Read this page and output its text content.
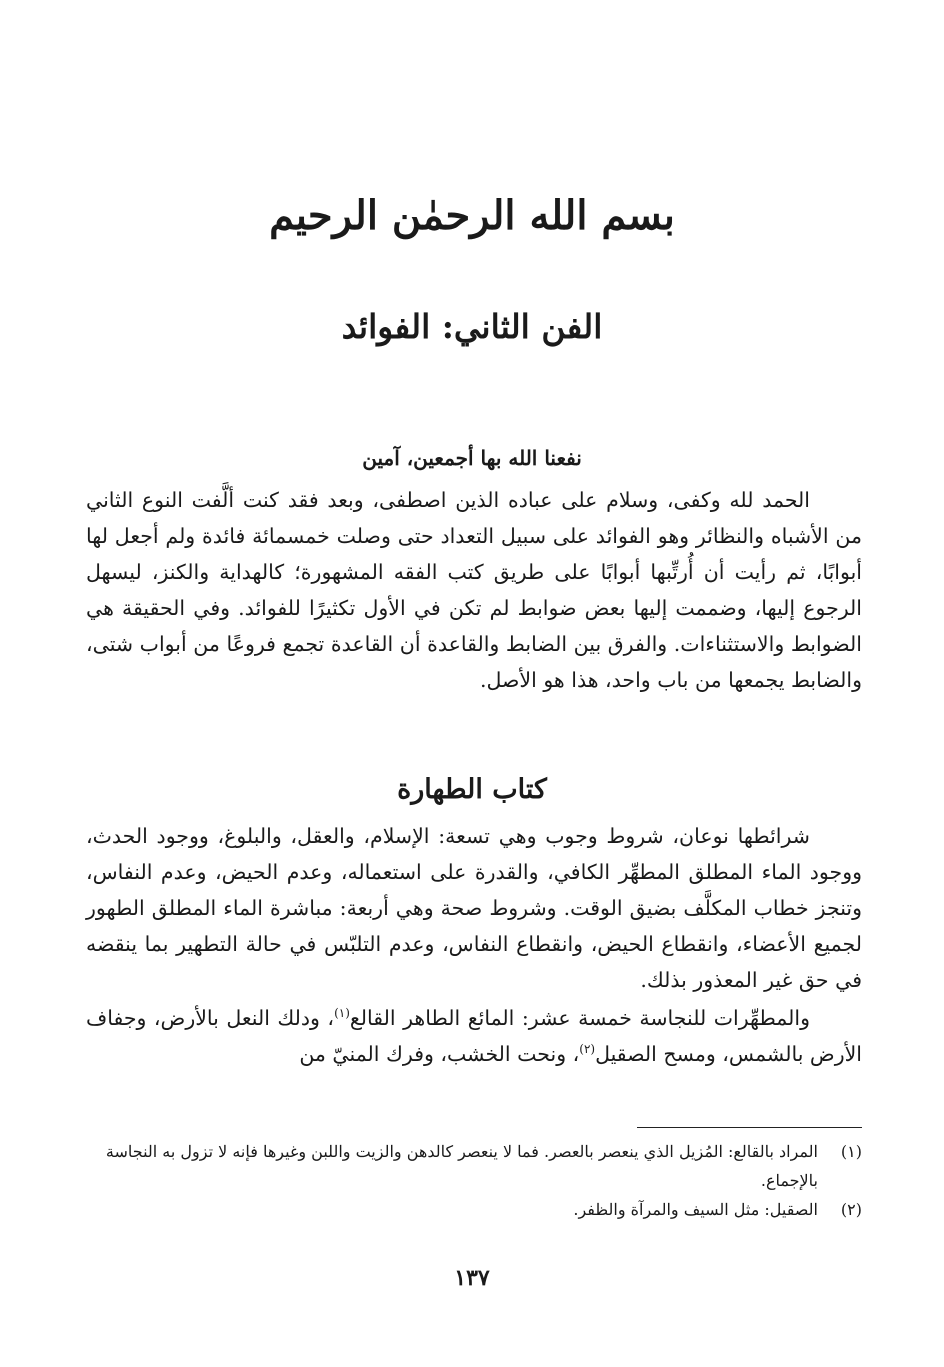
بسم الله الرحمٰن الرحيم
الفن الثاني: الفوائد
نفعنا الله بها أجمعين، آمين

الحمد لله وكفى، وسلام على عباده الذين اصطفى، وبعد فقد كنت ألَّفت النوع الثاني من الأشباه والنظائر وهو الفوائد على سبيل التعداد حتى وصلت خمسمائة فائدة ولم أجعل لها أبوابًا، ثم رأيت أن أُرتِّبها أبوابًا على طريق كتب الفقه المشهورة؛ كالهداية والكنز، ليسهل الرجوع إليها، وضممت إليها بعض ضوابط لم تكن في الأول تكثيرًا للفوائد. وفي الحقيقة هي الضوابط والاستثناءات. والفرق بين الضابط والقاعدة أن القاعدة تجمع فروعًا من أبواب شتى، والضابط يجمعها من باب واحد، هذا هو الأصل.

كتاب الطهارة

شرائطها نوعان، شروط وجوب وهي تسعة: الإسلام، والعقل، والبلوغ، ووجود الحدث، ووجود الماء المطلق المطهِّر الكافي، والقدرة على استعماله، وعدم الحيض، وعدم النفاس، وتنجز خطاب المكلَّف بضيق الوقت. وشروط صحة وهي أربعة: مباشرة الماء المطلق الطهور لجميع الأعضاء، وانقطاع الحيض، وانقطاع النفاس، وعدم التلبّس في حالة التطهير بما ينقضه في حق غير المعذور بذلك.

والمطهِّرات للنجاسة خمسة عشر: المائع الطاهر القالع$^{(١)}$، ودلك النعل بالأرض، وجفاف الأرض بالشمس، ومسح الصقيل$^{(٢)}$، ونحت الخشب، وفرك المنيّ من

(١)
المراد بالقالع: المُزيل الذي ينعصر بالعصر. فما لا ينعصر كالدهن والزيت واللبن وغيرها فإنه لا تزول به النجاسة بالإجماع.
(٢)
الصقيل: مثل السيف والمرآة والظفر.
١٣٧
